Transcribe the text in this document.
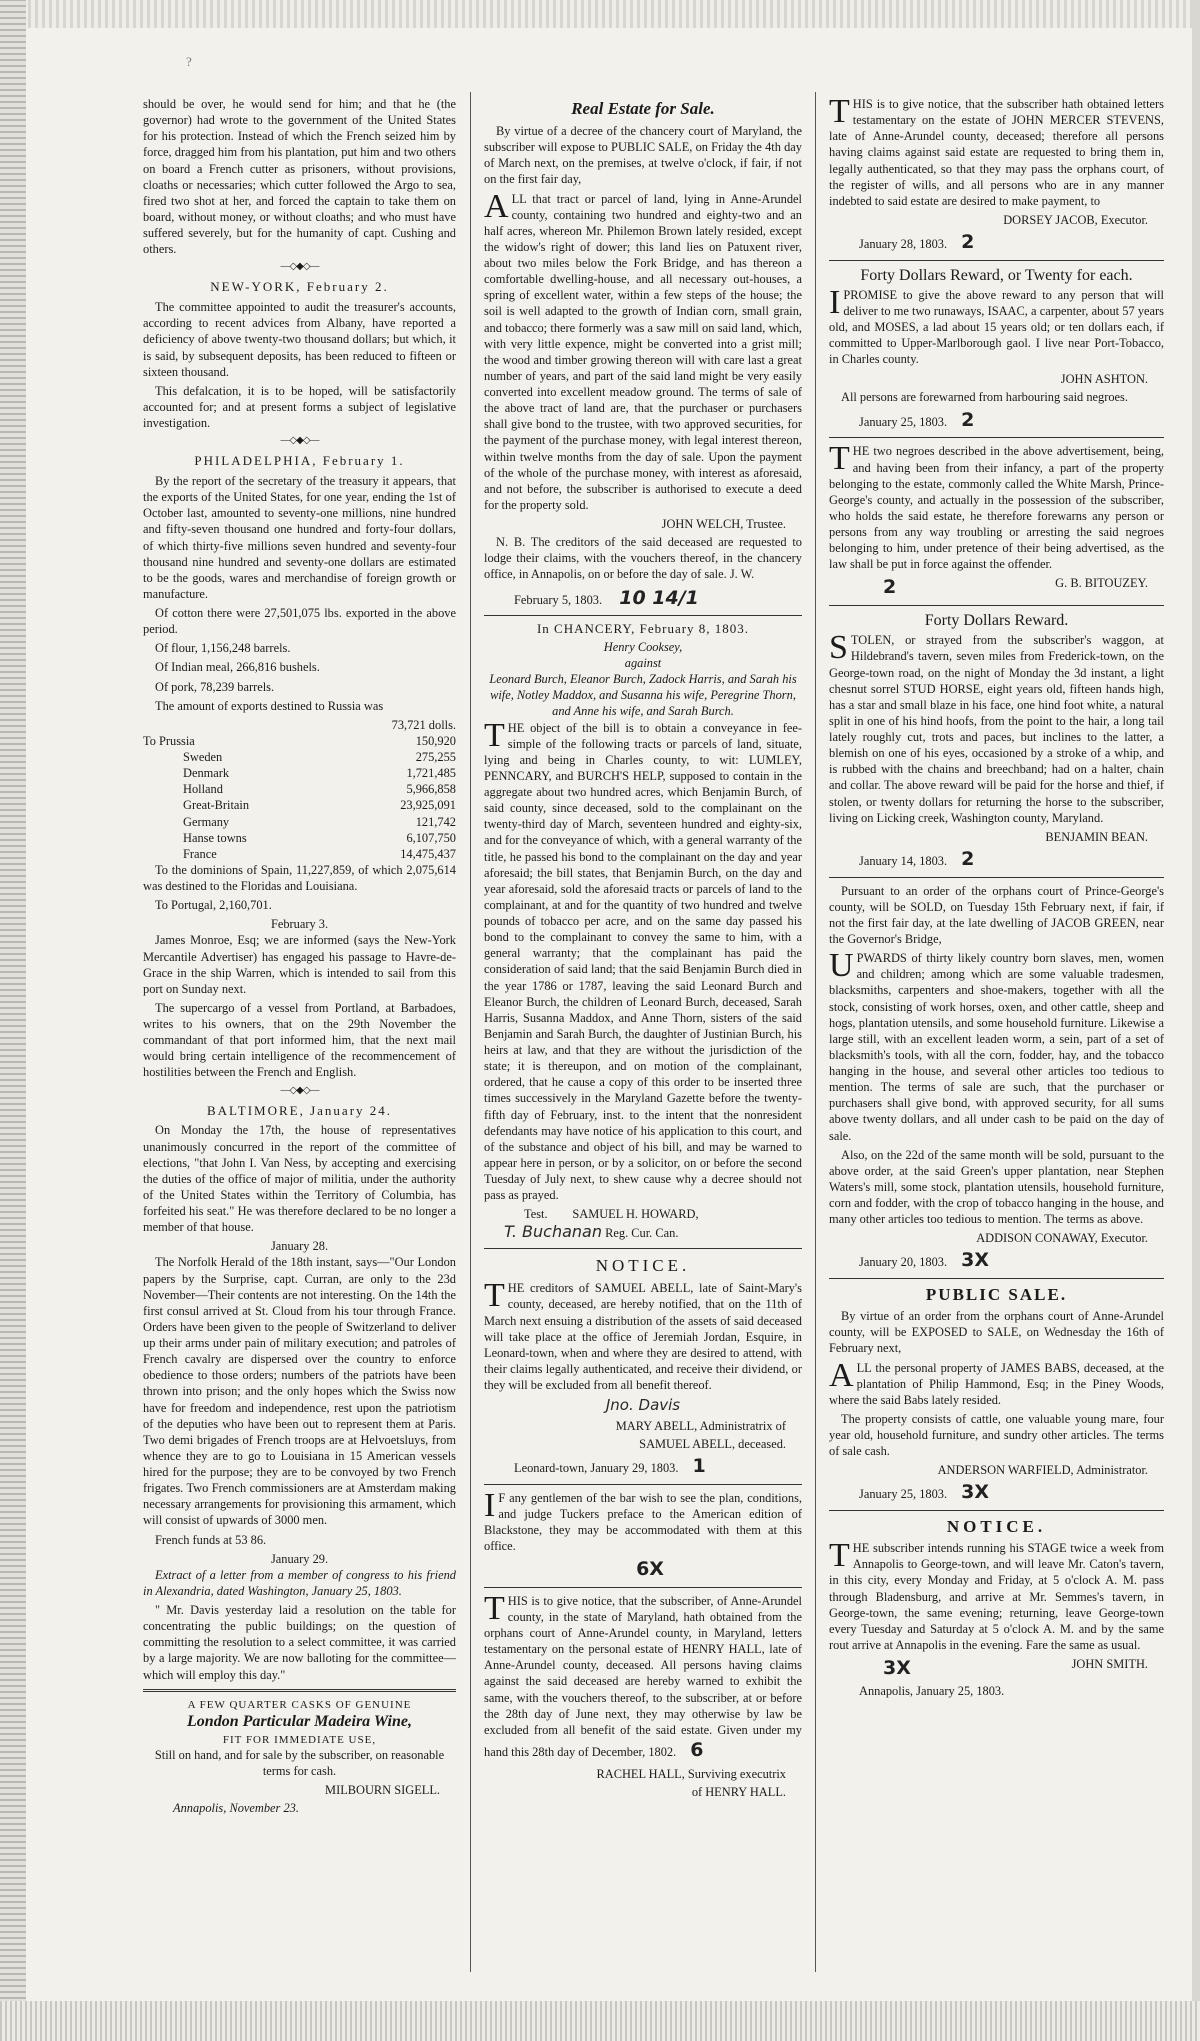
?

should be over, he would send for him; and that he (the governor) had wrote to the government of the United States for his protection. Instead of which the French seized him by force, dragged him from his plantation, put him and two others on board a French cutter as prisoners, without provisions, cloaths or necessaries; which cutter followed the Argo to sea, fired two shot at her, and forced the captain to take them on board, without money, or without cloaths; and who must have suffered severely, but for the humanity of capt. Cushing and others.

—◇◆◇—
NEW-YORK, February 2.

The committee appointed to audit the treasurer's accounts, according to recent advices from Albany, have reported a deficiency of above twenty-two thousand dollars; but which, it is said, by subsequent deposits, has been reduced to fifteen or sixteen thousand.

This defalcation, it is to be hoped, will be satisfactorily accounted for; and at present forms a subject of legislative investigation.

—◇◆◇—
PHILADELPHIA, February 1.

By the report of the secretary of the treasury it appears, that the exports of the United States, for one year, ending the 1st of October last, amounted to seventy-one millions, nine hundred and fifty-seven thousand one hundred and forty-four dollars, of which thirty-five millions seven hundred and seventy-four thousand nine hundred and seventy-one dollars are estimated to be the goods, wares and merchandise of foreign growth or manufacture.

Of cotton there were 27,501,075 lbs. exported in the above period.

Of flour, 1,156,248 barrels.

Of Indian meal, 266,816 bushels.

Of pork, 78,239 barrels.

The amount of exports destined to Russia was

	73,721 dolls.
To Prussia	150,920
Sweden	275,255
Denmark	1,721,485
Holland	5,966,858
Great-Britain	23,925,091
Germany	121,742
Hanse towns	6,107,750
France	14,475,437

To the dominions of Spain, 11,227,859, of which 2,075,614 was destined to the Floridas and Louisiana.

To Portugal, 2,160,701.

February 3.

James Monroe, Esq; we are informed (says the New-York Mercantile Advertiser) has engaged his passage to Havre-de-Grace in the ship Warren, which is intended to sail from this port on Sunday next.

The supercargo of a vessel from Portland, at Barbadoes, writes to his owners, that on the 29th November the commandant of that port informed him, that the next mail would bring certain intelligence of the recommencement of hostilities between the French and English.

—◇◆◇—
BALTIMORE, January 24.

On Monday the 17th, the house of representatives unanimously concurred in the report of the committee of elections, "that John I. Van Ness, by accepting and exercising the duties of the office of major of militia, under the authority of the United States within the Territory of Columbia, has forfeited his seat." He was therefore declared to be no longer a member of that house.

January 28.

The Norfolk Herald of the 18th instant, says—"Our London papers by the Surprise, capt. Curran, are only to the 23d November—Their contents are not interesting. On the 14th the first consul arrived at St. Cloud from his tour through France. Orders have been given to the people of Switzerland to deliver up their arms under pain of military execution; and patroles of French cavalry are dispersed over the country to enforce obedience to those orders; numbers of the patriots have been thrown into prison; and the only hopes which the Swiss now have for freedom and independence, rest upon the patriotism of the deputies who have been out to represent them at Paris. Two demi brigades of French troops are at Helvoetsluys, from whence they are to go to Louisiana in 15 American vessels hired for the purpose; they are to be convoyed by two French frigates. Two French commissioners are at Amsterdam making necessary arrangements for provisioning this armament, which will consist of upwards of 3000 men.

French funds at 53 86.

January 29.

Extract of a letter from a member of congress to his friend in Alexandria, dated Washington, January 25, 1803.

" Mr. Davis yesterday laid a resolution on the table for concentrating the public buildings; on the question of committing the resolution to a select committee, it was carried by a large majority. We are now balloting for the committee—which will employ this day."

A FEW QUARTER CASKS OF GENUINE
London Particular Madeira Wine,
FIT FOR IMMEDIATE USE,

Still on hand, and for sale by the subscriber, on reasonable terms for cash.

MILBOURN SIGELL.
Annapolis, November 23.
Real Estate for Sale.

By virtue of a decree of the chancery court of Maryland, the subscriber will expose to PUBLIC SALE, on Friday the 4th day of March next, on the premises, at twelve o'clock, if fair, if not on the first fair day,

ALL that tract or parcel of land, lying in Anne-Arundel county, containing two hundred and eighty-two and an half acres, whereon Mr. Philemon Brown lately resided, except the widow's right of dower; this land lies on Patuxent river, about two miles below the Fork Bridge, and has thereon a comfortable dwelling-house, and all necessary out-houses, a spring of excellent water, within a few steps of the house; the soil is well adapted to the growth of Indian corn, small grain, and tobacco; there formerly was a saw mill on said land, which, with very little expence, might be converted into a grist mill; the wood and timber growing thereon will with care last a great number of years, and part of the said land might be very easily converted into excellent meadow ground. The terms of sale of the above tract of land are, that the purchaser or purchasers shall give bond to the trustee, with two approved securities, for the payment of the purchase money, with legal interest thereon, within twelve months from the day of sale. Upon the payment of the whole of the purchase money, with interest as aforesaid, and not before, the subscriber is authorised to execute a deed for the property sold.

JOHN WELCH, Trustee.

N. B. The creditors of the said deceased are requested to lodge their claims, with the vouchers thereof, in the chancery office, in Annapolis, on or before the day of sale. J. W.

February 5, 1803. 10 14/1
In CHANCERY, February 8, 1803.
Henry Cooksey,
against
Leonard Burch, Eleanor Burch, Zadock Harris, and Sarah his wife, Notley Maddox, and Susanna his wife, Peregrine Thorn, and Anne his wife, and Sarah Burch.

THE object of the bill is to obtain a conveyance in fee-simple of the following tracts or parcels of land, situate, lying and being in Charles county, to wit: LUMLEY, PENNCARY, and BURCH'S HELP, supposed to contain in the aggregate about two hundred acres, which Benjamin Burch, of said county, since deceased, sold to the complainant on the twenty-third day of March, seventeen hundred and eighty-six, and for the conveyance of which, with a general warranty of the title, he passed his bond to the complainant on the day and year aforesaid; the bill states, that Benjamin Burch, on the day and year aforesaid, sold the aforesaid tracts or parcels of land to the complainant, at and for the quantity of two hundred and twelve pounds of tobacco per acre, and on the same day passed his bond to the complainant to convey the same to him, with a general warranty; that the complainant has paid the consideration of said land; that the said Benjamin Burch died in the year 1786 or 1787, leaving the said Leonard Burch and Eleanor Burch, the children of Leonard Burch, deceased, Sarah Harris, Susanna Maddox, and Anne Thorn, sisters of the said Benjamin and Sarah Burch, the daughter of Justinian Burch, his heirs at law, and that they are without the jurisdiction of the state; it is thereupon, and on motion of the complainant, ordered, that he cause a copy of this order to be inserted three times successively in the Maryland Gazette before the twenty-fifth day of February, inst. to the intent that the nonresident defendants may have notice of his application to this court, and of the substance and object of his bill, and may be warned to appear here in person, or by a solicitor, on or before the second Tuesday of July next, to shew cause why a decree should not pass as prayed.

Test. SAMUEL H. HOWARD,
T. Buchanan Reg. Cur. Can.
NOTICE.

THE creditors of SAMUEL ABELL, late of Saint-Mary's county, deceased, are hereby notified, that on the 11th of March next ensuing a distribution of the assets of said deceased will take place at the office of Jeremiah Jordan, Esquire, in Leonard-town, when and where they are desired to attend, with their claims legally authenticated, and receive their dividend, or they will be excluded from all benefit thereof.

Jno. Davis
MARY ABELL, Administratrix of
SAMUEL ABELL, deceased.
Leonard-town, January 29, 1803. 1

I F any gentlemen of the bar wish to see the plan, conditions, and judge Tuckers preface to the American edition of Blackstone, they may be accommodated with them at this office.

6X

THIS is to give notice, that the subscriber, of Anne-Arundel county, in the state of Maryland, hath obtained from the orphans court of Anne-Arundel county, in Maryland, letters testamentary on the personal estate of HENRY HALL, late of Anne-Arundel county, deceased. All persons having claims against the said deceased are hereby warned to exhibit the same, with the vouchers thereof, to the subscriber, at or before the 28th day of June next, they may otherwise by law be excluded from all benefit of the said estate. Given under my hand this 28th day of December, 1802. 6

RACHEL HALL, Surviving executrix
of HENRY HALL.

THIS is to give notice, that the subscriber hath obtained letters testamentary on the estate of JOHN MERCER STEVENS, late of Anne-Arundel county, deceased; therefore all persons having claims against said estate are requested to bring them in, legally authenticated, so that they may pass the orphans court, of the register of wills, and all persons who are in any manner indebted to said estate are desired to make payment, to

DORSEY JACOB, Executor.
January 28, 1803. 2
Forty Dollars Reward, or Twenty for each.

IPROMISE to give the above reward to any person that will deliver to me two runaways, ISAAC, a carpenter, about 57 years old, and MOSES, a lad about 15 years old; or ten dollars each, if committed to Upper-Marlborough gaol. I live near Port-Tobacco, in Charles county.

JOHN ASHTON.

All persons are forewarned from harbouring said negroes.

January 25, 1803. 2

THE two negroes described in the above advertisement, being, and having been from their infancy, a part of the property belonging to the estate, commonly called the White Marsh, Prince-George's county, and actually in the possession of the subscriber, who holds the said estate, he therefore forewarns any person or persons from any way troubling or arresting the said negroes belonging to him, under pretence of their being advertised, as the law shall be put in force against the offender.

2	G. B. BITOUZEY.
Forty Dollars Reward.

STOLEN, or strayed from the subscriber's waggon, at Hildebrand's tavern, seven miles from Frederick-town, on the George-town road, on the night of Monday the 3d instant, a light chesnut sorrel STUD HORSE, eight years old, fifteen hands high, has a star and small blaze in his face, one hind foot white, a natural split in one of his hind hoofs, from the point to the hair, a long tail lately roughly cut, trots and paces, but inclines to the latter, a blemish on one of his eyes, occasioned by a stroke of a whip, and is rubbed with the chains and breechband; had on a halter, chain and collar. The above reward will be paid for the horse and thief, if stolen, or twenty dollars for returning the horse to the subscriber, living on Licking creek, Washington county, Maryland.

BENJAMIN BEAN.
January 14, 1803. 2

Pursuant to an order of the orphans court of Prince-George's county, will be SOLD, on Tuesday 15th February next, if fair, if not the first fair day, at the late dwelling of JACOB GREEN, near the Governor's Bridge,

UPWARDS of thirty likely country born slaves, men, women and children; among which are some valuable tradesmen, blacksmiths, carpenters and shoe-makers, together with all the stock, consisting of work horses, oxen, and other cattle, sheep and hogs, plantation utensils, and some household furniture. Likewise a large still, with an excellent leaden worm, a sein, part of a set of blacksmith's tools, with all the corn, fodder, hay, and the tobacco hanging in the house, and several other articles too tedious to mention. The terms of sale are such, that the purchaser or purchasers shall give bond, with approved security, for all sums above twenty dollars, and all under cash to be paid on the day of sale.

Also, on the 22d of the same month will be sold, pursuant to the above order, at the said Green's upper plantation, near Stephen Waters's mill, some stock, plantation utensils, household furniture, corn and fodder, with the crop of tobacco hanging in the house, and many other articles too tedious to mention. The terms as above.

ADDISON CONAWAY, Executor.
January 20, 1803. 3X
PUBLIC SALE.

By virtue of an order from the orphans court of Anne-Arundel county, will be EXPOSED to SALE, on Wednesday the 16th of February next,

ALL the personal property of JAMES BABS, deceased, at the plantation of Philip Hammond, Esq; in the Piney Woods, where the said Babs lately resided.

The property consists of cattle, one valuable young mare, four year old, household furniture, and sundry other articles. The terms of sale cash.

ANDERSON WARFIELD, Administrator.
January 25, 1803. 3X
NOTICE.

THE subscriber intends running his STAGE twice a week from Annapolis to George-town, and will leave Mr. Caton's tavern, in this city, every Monday and Friday, at 5 o'clock A. M. pass through Bladensburg, and arrive at Mr. Semmes's tavern, in George-town, the same evening; returning, leave George-town every Tuesday and Saturday at 5 o'clock A. M. and by the same rout arrive at Annapolis in the evening. Fare the same as usual.

3X	JOHN SMITH.
Annapolis, January 25, 1803.
